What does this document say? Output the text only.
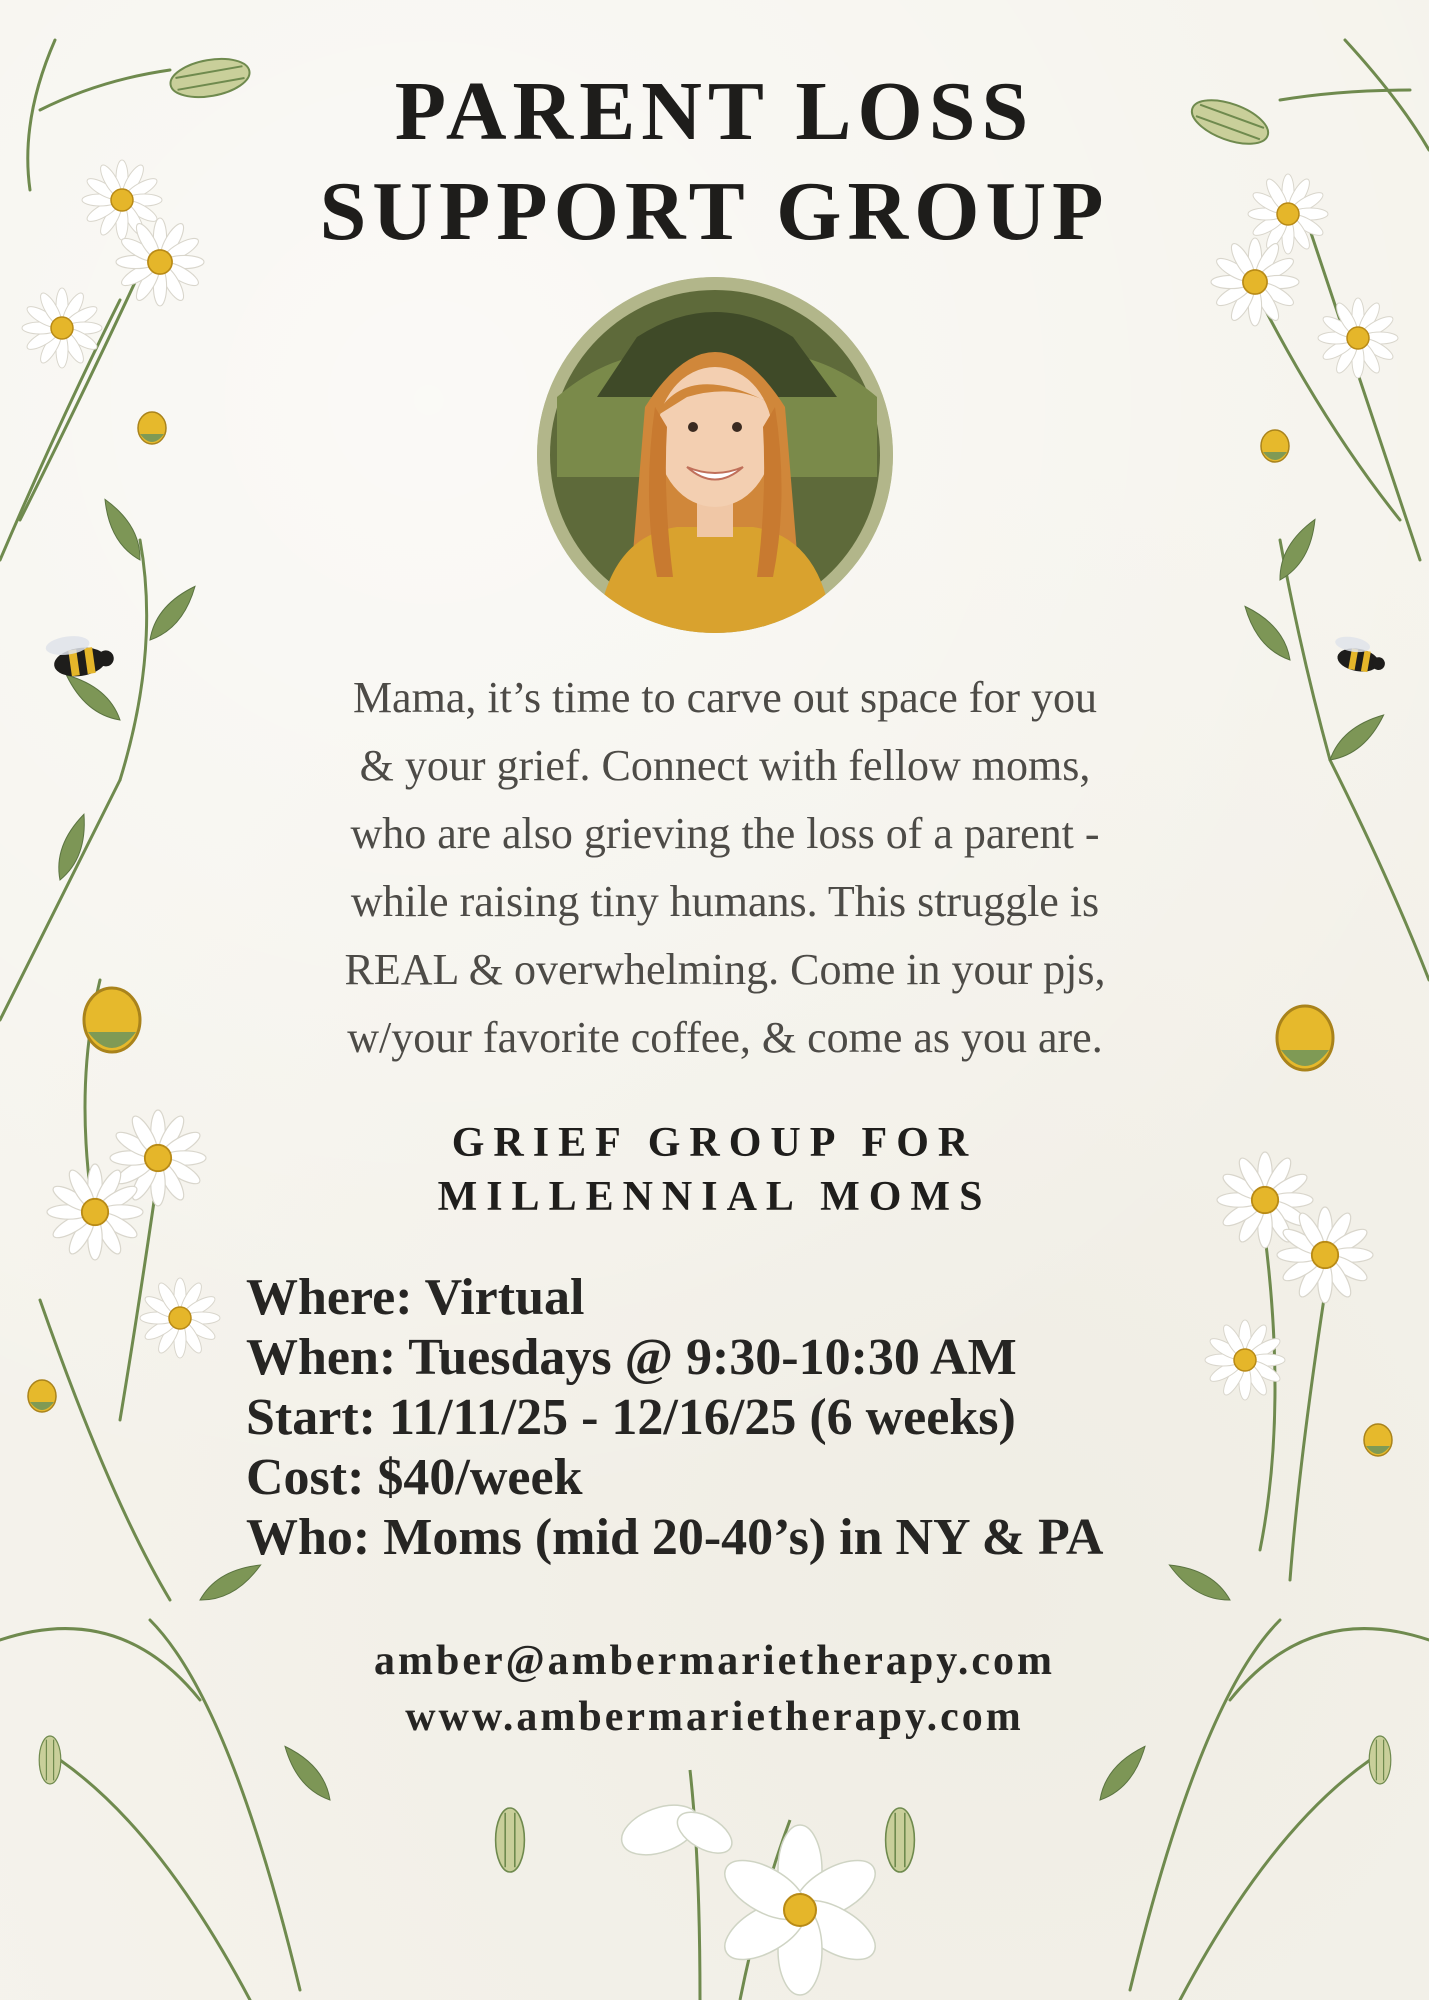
PARENT LOSS
SUPPORT GROUP
Mama, it’s time to carve out space for you
& your grief. Connect with fellow moms,
who are also grieving the loss of a parent -
while raising tiny humans. This struggle is
REAL & overwhelming. Come in your pjs,
w/your favorite coffee, & come as you are.
GRIEF GROUP FOR
MILLENNIAL MOMS
Where: Virtual
When: Tuesdays @ 9:30-10:30 AM
Start: 11/11/25 - 12/16/25 (6 weeks)
Cost: $40/week
Who: Moms (mid 20-40’s) in NY & PA
amber@ambermarietherapy.com
www.ambermarietherapy.com
